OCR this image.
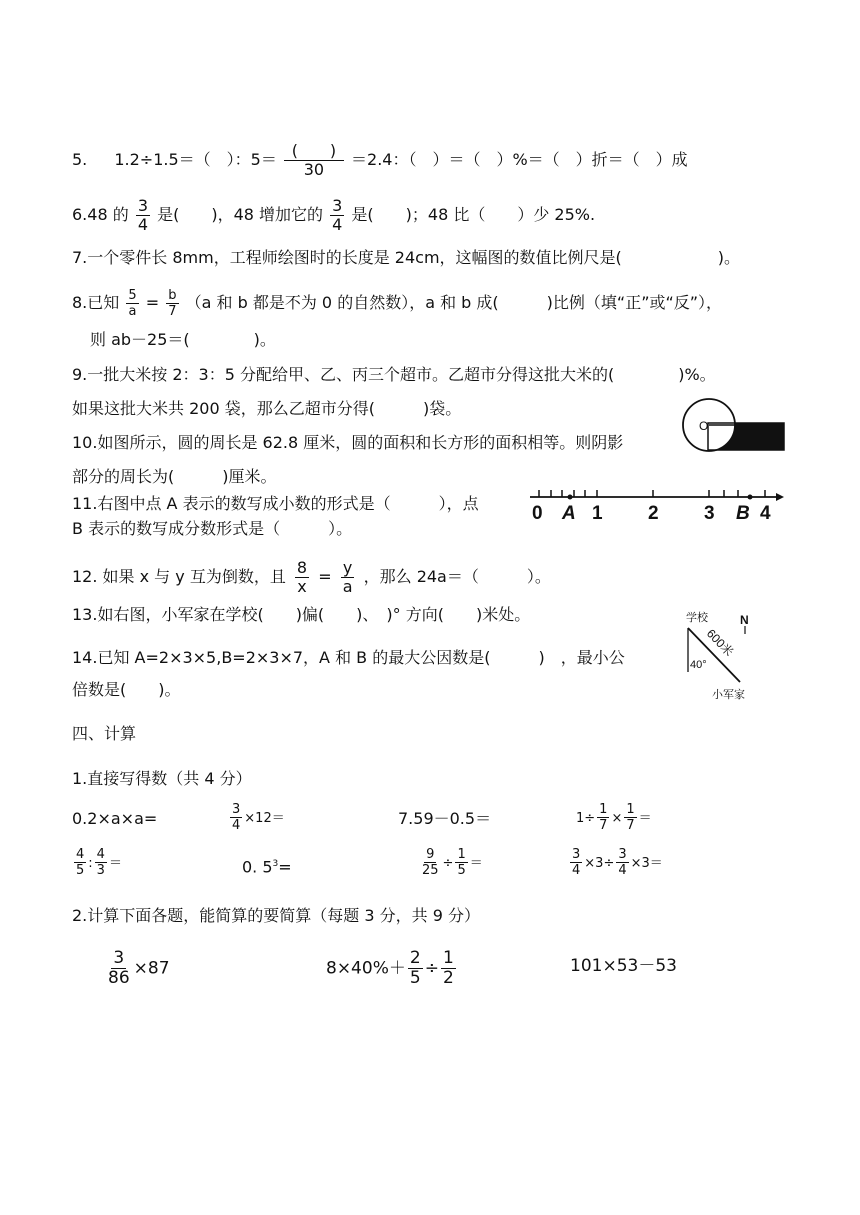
5. 1.2÷1.5＝（　）：$5= \frac{( )}{30} =2.4$：（　）＝（　）%＝（　）折＝（　）成
6.48 的 $\frac{3}{4}$ 是(　　)，48 增加它的 $\frac{3}{4}$ 是(　　)；48 比（　　）少 25%.
7.一个零件长 8mm，工程师绘图时的长度是 24cm，这幅图的数值比例尺是(　　　　　　)。
8.已知 $\frac{5}{a} = \frac{b}{7} (a$ 和 b 都是不为 0 的自然数），a 和 b 成(　　　)比例（填“正”或“反”），
则 ab－25＝(　　　　)。
9.一批大米按 2：3：5 分配给甲、乙、丙三个超市。乙超市分得这批大米的(　　　　)%。
如果这批大米共 200 袋，那么乙超市分得(　　　)袋。
10.如图所示，圆的周长是 62.8 厘米，圆的面积和长方形的面积相等。则阴影
部分的周长为(　　　)厘米。
O
11.右图中点 A 表示的数写成小数的形式是（　　　），点
B 表示的数写成分数形式是（　　　）。
0 A 1 2 3 B 4
12. 如果 x 与 y 互为倒数，且 $\frac{8}{x} = \frac{y}{a}$ ，那么 24a＝（　　　）。
13.如右图，小军家在学校(　　)偏(　　)、　)° 方向(　　)米处。	学校	N
600米
40°
小军家
14.已知 A=2×3×5,B=2×3×7，A 和 B 的最大公因数是(　　　)　，最小公
倍数是(　　)。
四、计算
1.直接写得数（共 4 分）
0.2×a×a=	$\frac{3}{4} \times 12=$	7.59－0.5＝	$1\div \frac{1}{7} \times \frac{1}{7}$ ＝
$\frac{4}{5}$ : $\frac{4}{3}$ ＝	0. $5^3=$	$\frac{9}{25} \div \frac{1}{5}$ ＝	$\frac{3}{4} \times 3\div \frac{3}{4} \times 3=$
2.计算下面各题，能简算的要简算（每题 3 分，共 9 分）
$\frac{3}{86} \times 87$	$8\times 40\%+ \frac{2}{5} \div \frac{1}{2}$	101×53－53
